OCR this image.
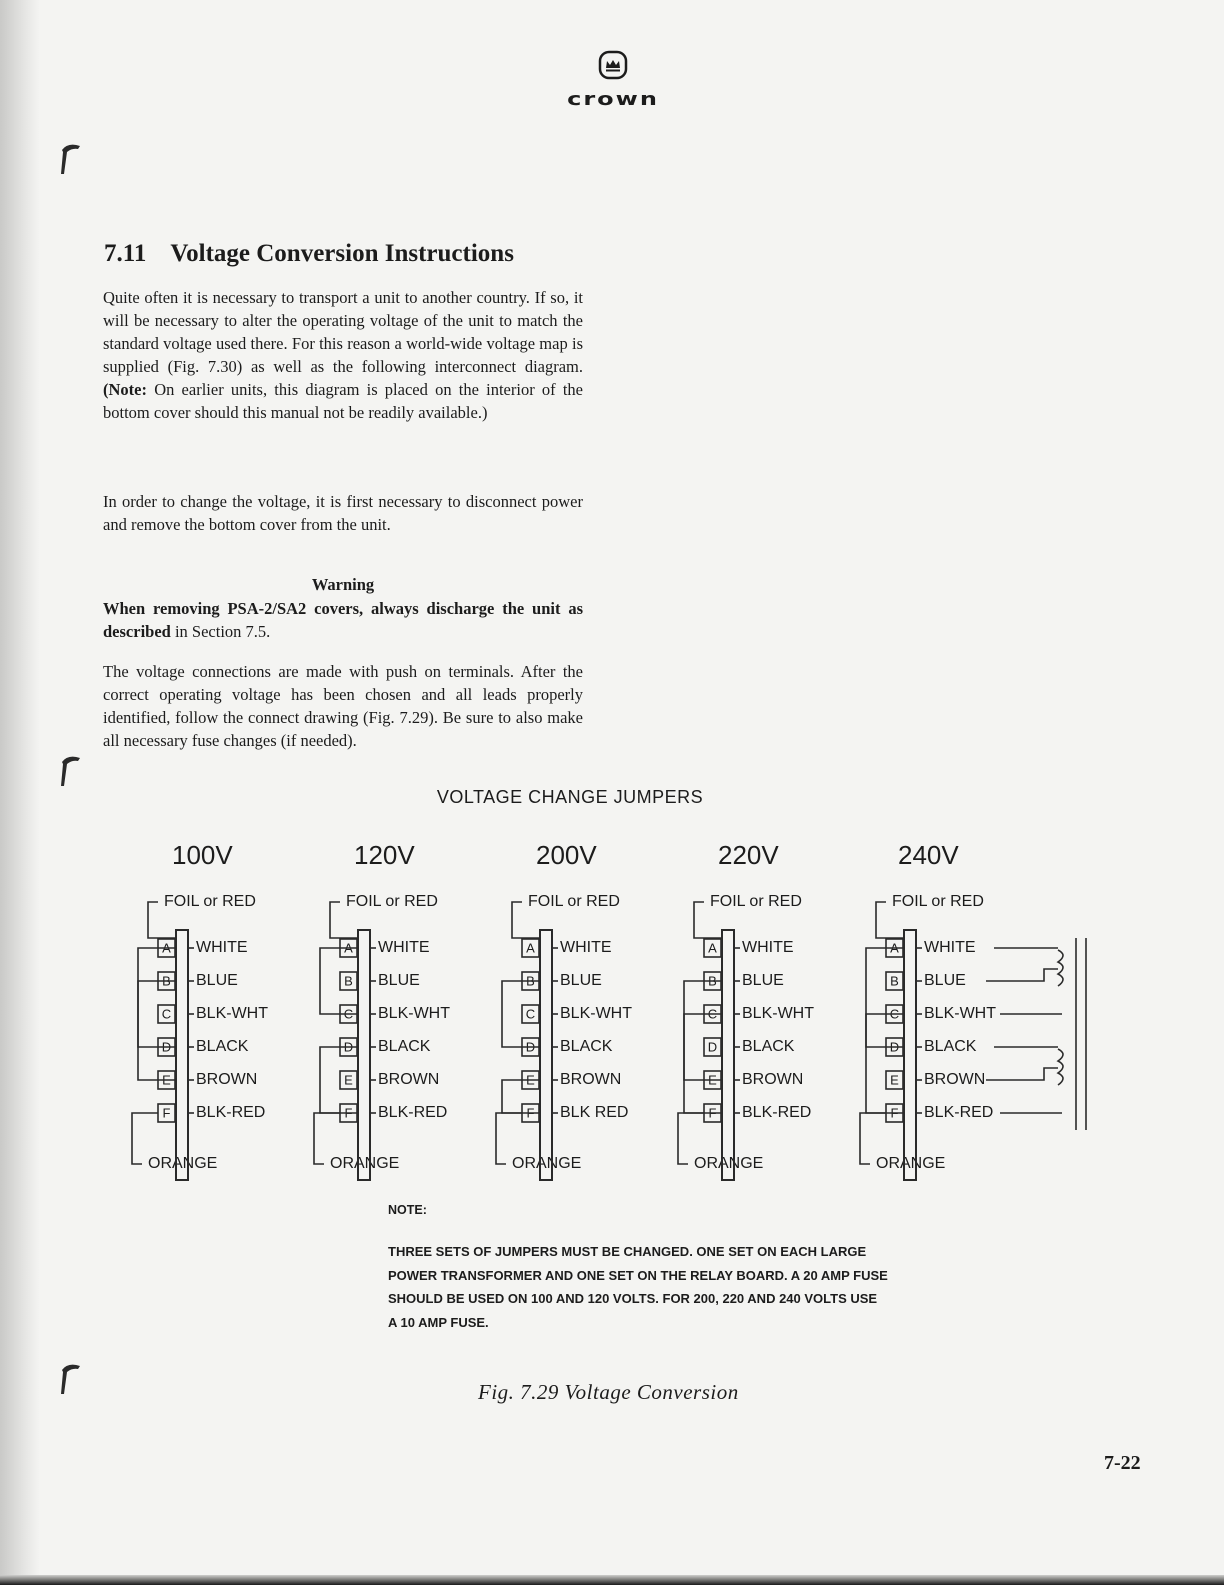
crown
7.11 Voltage Conversion Instructions

Quite often it is necessary to transport a unit to another country. If so, it will be necessary to alter the operating voltage of the unit to match the standard voltage used there. For this reason a world-wide voltage map is supplied (Fig. 7.30) as well as the following interconnect diagram. (Note: On earlier units, this diagram is placed on the interior of the bottom cover should this manual not be readily available.)

In order to change the voltage, it is first necessary to disconnect power and remove the bottom cover from the unit.

Warning

When removing PSA-2/SA2 covers, always discharge the unit as described in Section 7.5.

The voltage connections are made with push on terminals. After the correct operating voltage has been chosen and all leads properly identified, follow the connect drawing (Fig. 7.29). Be sure to also make all necessary fuse changes (if needed).

VOLTAGE CHANGE JUMPERS
100V	120V	200V	220V	240V
FOIL or RED
ORANGE
A WHITE
B BLUE
C BLK-WHT
D BLACK
E BROWN
F BLK-RED
FOIL or RED
ORANGE
A WHITE
B BLUE
C BLK-WHT
D BLACK
E BROWN
F BLK-RED
FOIL or RED
ORANGE
A WHITE
B BLUE
C BLK-WHT
D BLACK
E BROWN
F BLK RED
FOIL or RED
ORANGE
A WHITE
B BLUE
C BLK-WHT
D BLACK
E BROWN
F BLK-RED
FOIL or RED
ORANGE
A WHITE
B BLUE
C BLK-WHT
D BLACK
E BROWN
F BLK-RED
NOTE:

THREE SETS OF JUMPERS MUST BE CHANGED. ONE SET ON EACH LARGE POWER TRANSFORMER AND ONE SET ON THE RELAY BOARD. A 20 AMP FUSE SHOULD BE USED ON 100 AND 120 VOLTS. FOR 200, 220 AND 240 VOLTS USE A 10 AMP FUSE.

Fig. 7.29 Voltage Conversion
7-22
